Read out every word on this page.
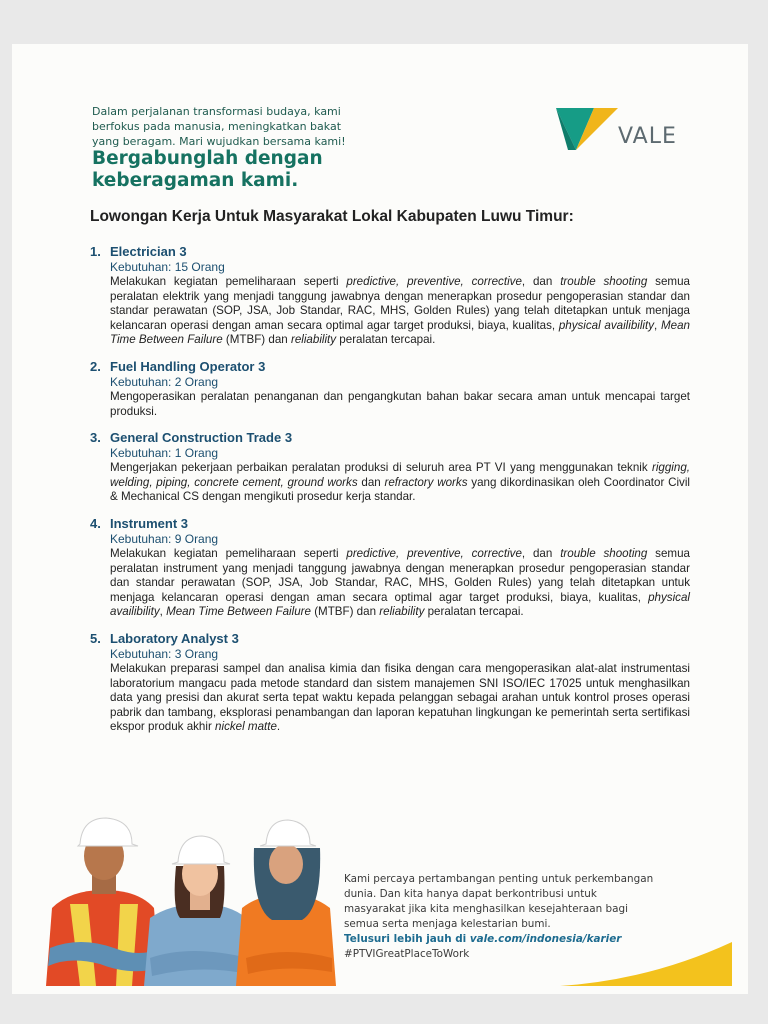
Dalam perjalanan transformasi budaya, kami
berfokus pada manusia, meningkatkan bakat
yang beragam. Mari wujudkan bersama kami!
Bergabunglah dengan
keberagaman kami.
VALE
Lowongan Kerja Untuk Masyarakat Lokal Kabupaten Luwu Timur:
1. Electrician 3
Kebutuhan: 15 Orang
Melakukan kegiatan pemeliharaan seperti predictive, preventive, corrective, dan trouble shooting semua peralatan elektrik yang menjadi tanggung jawabnya dengan menerapkan prosedur pengoperasian standar dan standar perawatan (SOP, JSA, Job Standar, RAC, MHS, Golden Rules) yang telah ditetapkan untuk menjaga kelancaran operasi dengan aman secara optimal agar target produksi, biaya, kualitas, physical availibility, Mean Time Between Failure (MTBF) dan reliability peralatan tercapai.
2. Fuel Handling Operator 3
Kebutuhan: 2 Orang
Mengoperasikan peralatan penanganan dan pengangkutan bahan bakar secara aman untuk mencapai target produksi.
3. General Construction Trade 3
Kebutuhan: 1 Orang
Mengerjakan pekerjaan perbaikan peralatan produksi di seluruh area PT VI yang menggunakan teknik rigging, welding, piping, concrete cement, ground works dan refractory works yang dikordinasikan oleh Coordinator Civil & Mechanical CS dengan mengikuti prosedur kerja standar.
4. Instrument 3
Kebutuhan: 9 Orang
Melakukan kegiatan pemeliharaan seperti predictive, preventive, corrective, dan trouble shooting semua peralatan instrument yang menjadi tanggung jawabnya dengan menerapkan prosedur pengoperasian standar dan standar perawatan (SOP, JSA, Job Standar, RAC, MHS, Golden Rules) yang telah ditetapkan untuk menjaga kelancaran operasi dengan aman secara optimal agar target produksi, biaya, kualitas, physical availibility, Mean Time Between Failure (MTBF) dan reliability peralatan tercapai.
5. Laboratory Analyst 3
Kebutuhan: 3 Orang
Melakukan preparasi sampel dan analisa kimia dan fisika dengan cara mengoperasikan alat-alat instrumentasi laboratorium mangacu pada metode standard dan sistem manajemen SNI ISO/IEC 17025 untuk menghasilkan data yang presisi dan akurat serta tepat waktu kepada pelanggan sebagai arahan untuk kontrol proses operasi pabrik dan tambang, eksplorasi penambangan dan laporan kepatuhan lingkungan ke pemerintah serta sertifikasi ekspor produk akhir nickel matte.
Kami percaya pertambangan penting untuk perkembangan
dunia. Dan kita hanya dapat berkontribusi untuk
masyarakat jika kita menghasilkan kesejahteraan bagi
semua serta menjaga kelestarian bumi.
Telusuri lebih jauh di vale.com/indonesia/karier
#PTVIGreatPlaceToWork
